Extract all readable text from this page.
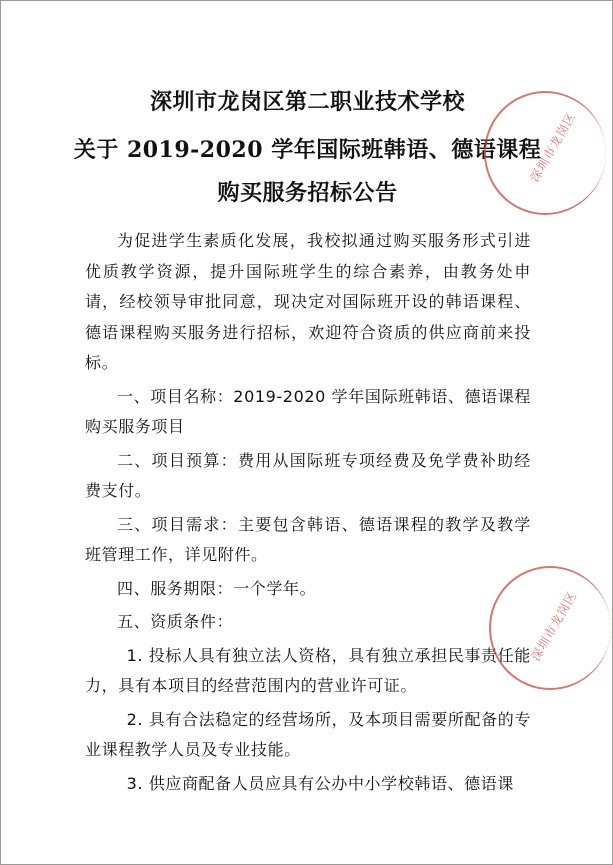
深圳市龙岗区第二职业技术学校
关于 2019-2020 学年国际班韩语、德语课程
购买服务招标公告
深圳市龙岗区

为促进学生素质化发展，我校拟通过购买服务形式引进优质教学资源，提升国际班学生的综合素养，由教务处申请，经校领导审批同意，现决定对国际班开设的韩语课程、德语课程购买服务进行招标，欢迎符合资质的供应商前来投标。

一、项目名称：2019-2020 学年国际班韩语、德语课程购买服务项目

二、项目预算：费用从国际班专项经费及免学费补助经费支付。

三、项目需求：主要包含韩语、德语课程的教学及教学班管理工作，详见附件。

四、服务期限：一个学年。

五、资质条件：

1. 投标人具有独立法人资格，具有独立承担民事责任能力，具有本项目的经营范围内的营业许可证。

2. 具有合法稳定的经营场所，及本项目需要所配备的专业课程教学人员及专业技能。

3. 供应商配备人员应具有公办中小学校韩语、德语课

深圳市龙岗区
